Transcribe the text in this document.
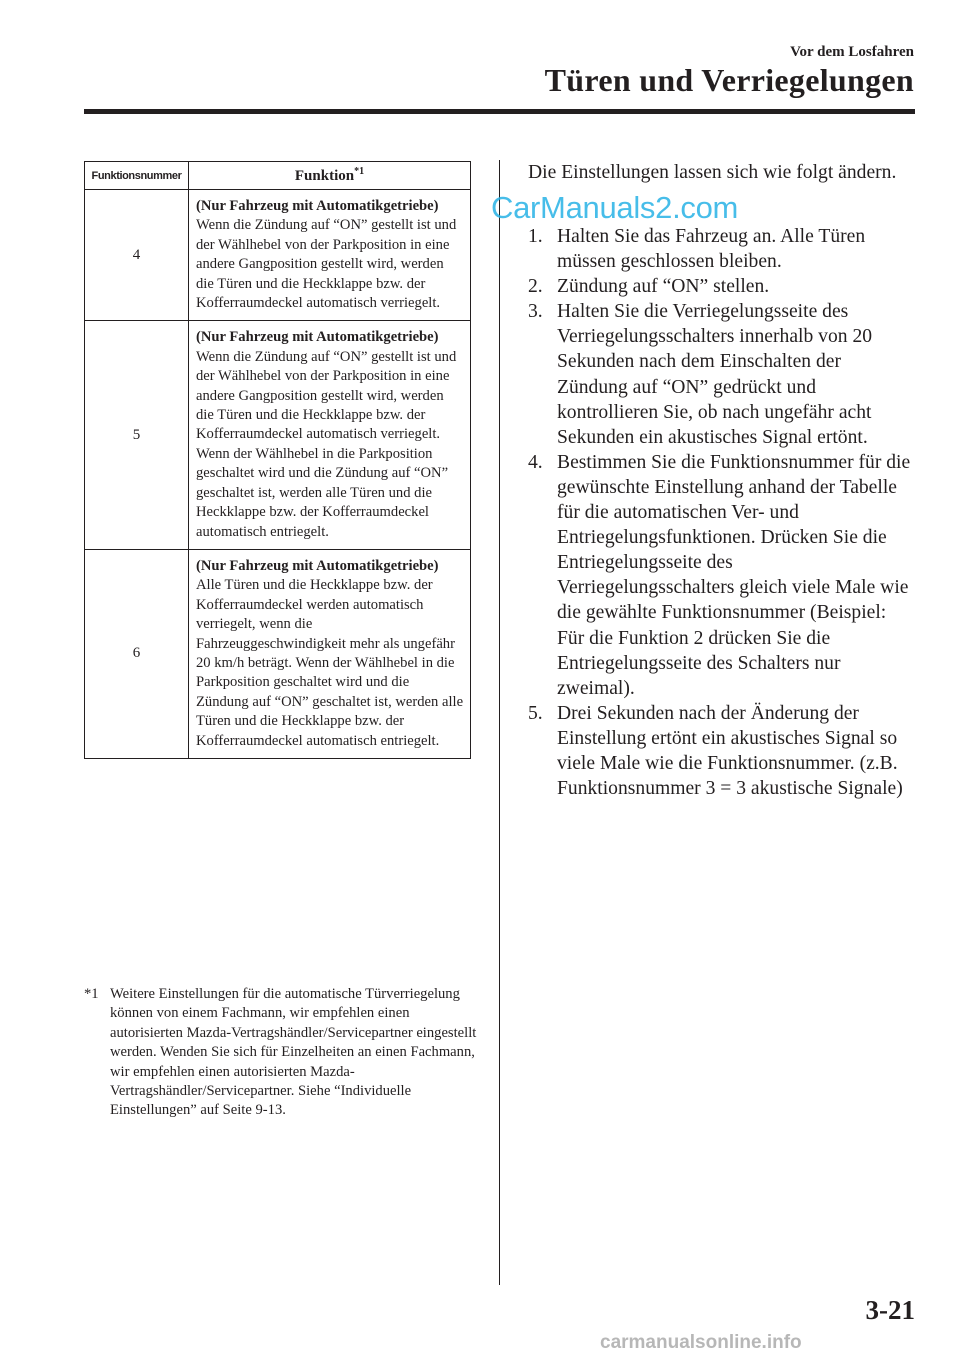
Vor dem Losfahren
Türen und Verriegelungen
Funktionsnummer	Funktion$^{*1}$
4	(Nur Fahrzeug mit Automatikgetriebe)
Wenn die Zündung auf “ON” gestellt ist und der Wählhebel von der Parkposition in eine andere Gangposition gestellt wird, werden die Türen und die Heckklappe bzw. der Kofferraumdeckel automatisch verriegelt.

5	(Nur Fahrzeug mit Automatikgetriebe)
Wenn die Zündung auf “ON” gestellt ist und der Wählhebel von der Parkposition in eine andere Gangposition gestellt wird, werden die Türen und die Heckklappe bzw. der Kofferraumdeckel automatisch verriegelt. Wenn der Wählhebel in die Parkposition geschaltet wird und die Zündung auf “ON” geschaltet ist, werden alle Türen und die Heckklappe bzw. der Kofferraumdeckel automatisch entriegelt.

6	(Nur Fahrzeug mit Automatikgetriebe)
Alle Türen und die Heckklappe bzw. der Kofferraumdeckel werden automatisch verriegelt, wenn die Fahrzeuggeschwindigkeit mehr als ungefähr 20 km/h beträgt. Wenn der Wählhebel in die Parkposition geschaltet wird und die Zündung auf “ON” geschaltet ist, werden alle Türen und die Heckklappe bzw. der Kofferraumdeckel automatisch entriegelt.
*1 Weitere Einstellungen für die automatische Türverriegelung können von einem Fachmann, wir empfehlen einen autorisierten Mazda-Vertragshändler/Servicepartner eingestellt werden. Wenden Sie sich für Einzelheiten an einen Fachmann, wir empfehlen einen autorisierten Mazda-Vertragshändler/Servicepartner. Siehe “Individuelle Einstellungen” auf Seite 9-13.
Die Einstellungen lassen sich wie folgt ändern.
1. Halten Sie das Fahrzeug an. Alle Türen müssen geschlossen bleiben.
2. Zündung auf “ON” stellen.
3. Halten Sie die Verriegelungsseite des Verriegelungsschalters innerhalb von 20 Sekunden nach dem Einschalten der Zündung auf “ON” gedrückt und kontrollieren Sie, ob nach ungefähr acht Sekunden ein akustisches Signal ertönt.
4. Bestimmen Sie die Funktionsnummer für die gewünschte Einstellung anhand der Tabelle für die automatischen Ver- und Entriegelungsfunktionen. Drücken Sie die Entriegelungsseite des Verriegelungsschalters gleich viele Male wie die gewählte Funktionsnummer (Beispiel: Für die Funktion 2 drücken Sie die Entriegelungsseite des Schalters nur zweimal).
5. Drei Sekunden nach der Änderung der Einstellung ertönt ein akustisches Signal so viele Male wie die Funktionsnummer. (z.B. Funktionsnummer 3 = 3 akustische Signale)
CarManuals2.com
3-21
carmanualsonline.info
